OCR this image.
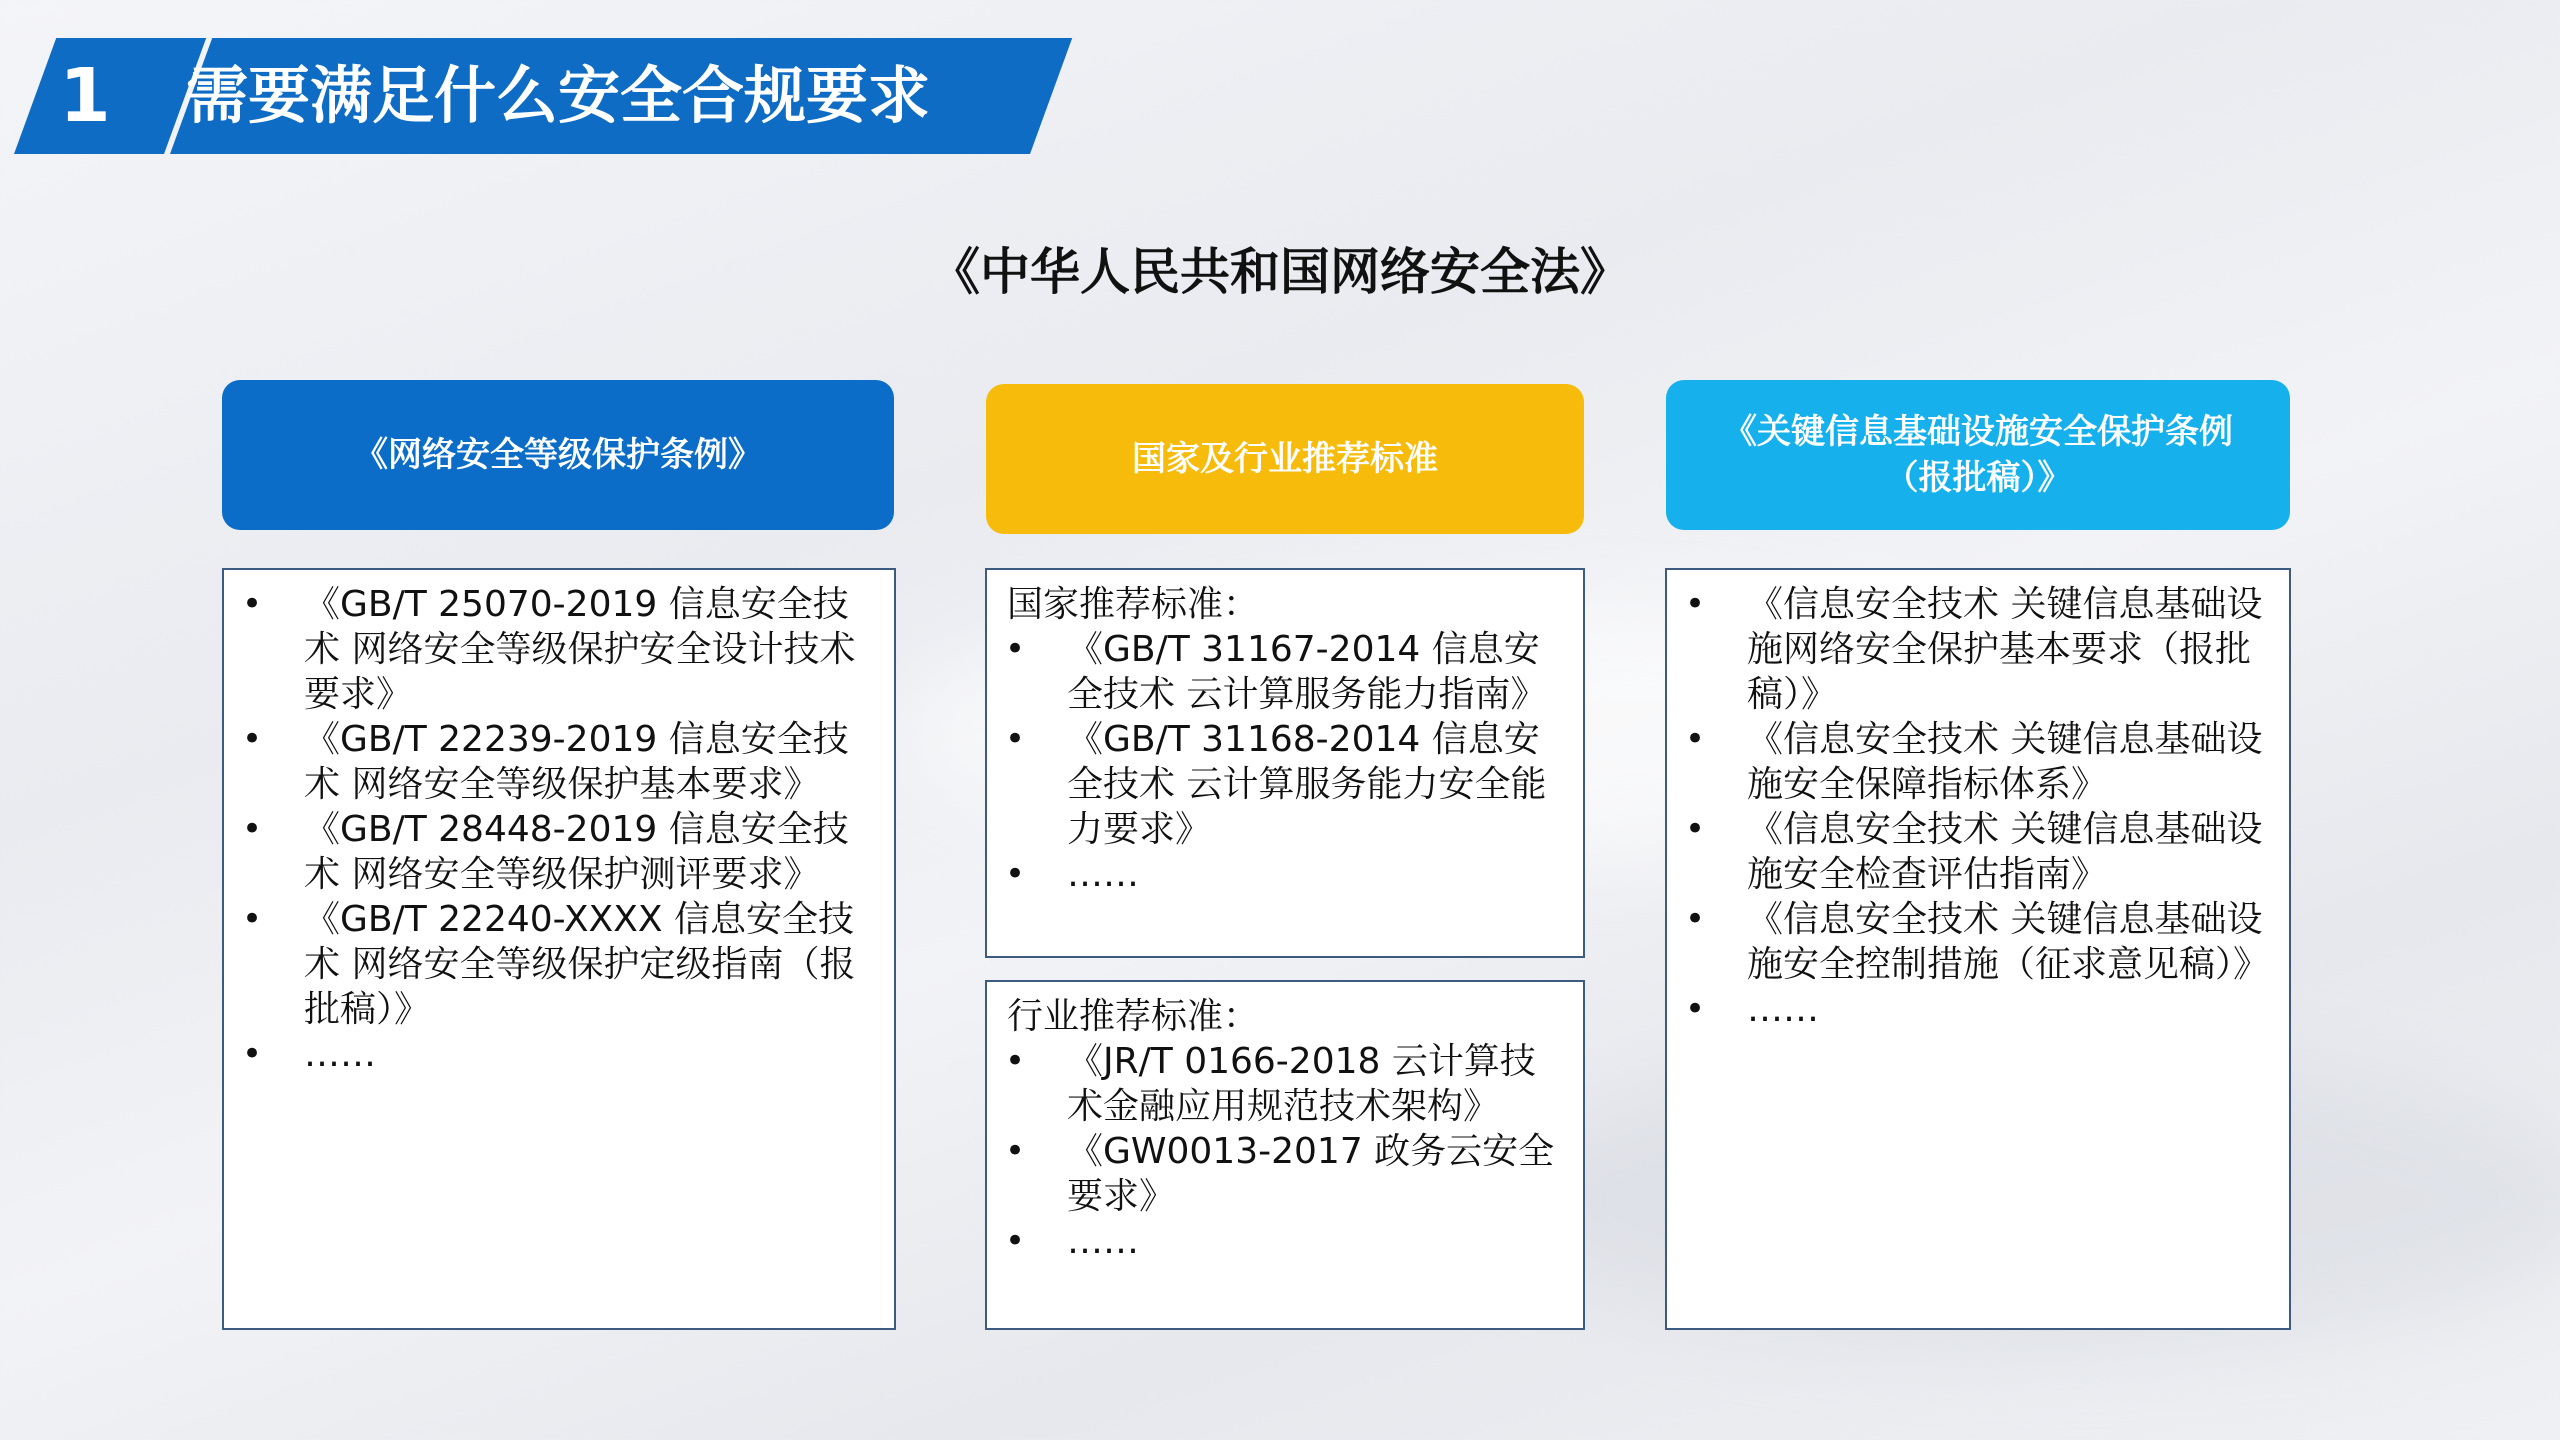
1	需要满足什么安全合规要求
《中华人民共和国网络安全法》
《网络安全等级保护条例》	国家及行业推荐标准
《关键信息基础设施安全保护条例
（报批稿）》
• 《GB/T 25070-2019 信息安全技术 网络安全等级保护安全设计技术要求》
• 《GB/T 22239-2019 信息安全技术 网络安全等级保护基本要求》
• 《GB/T 28448-2019 信息安全技术 网络安全等级保护测评要求》
• 《GB/T 22240-XXXX 信息安全技术 网络安全等级保护定级指南（报批稿）》
• ……
国家推荐标准：
• 《GB/T 31167-2014 信息安全技术 云计算服务能力指南》
• 《GB/T 31168-2014 信息安全技术 云计算服务能力安全能力要求》
• ……
行业推荐标准：
• 《JR/T 0166-2018 云计算技术金融应用规范技术架构》
• 《GW0013-2017 政务云安全要求》
• ……
• 《信息安全技术 关键信息基础设施网络安全保护基本要求（报批稿）》
• 《信息安全技术 关键信息基础设施安全保障指标体系》
• 《信息安全技术 关键信息基础设施安全检查评估指南》
• 《信息安全技术 关键信息基础设施安全控制措施（征求意见稿）》
• ……
